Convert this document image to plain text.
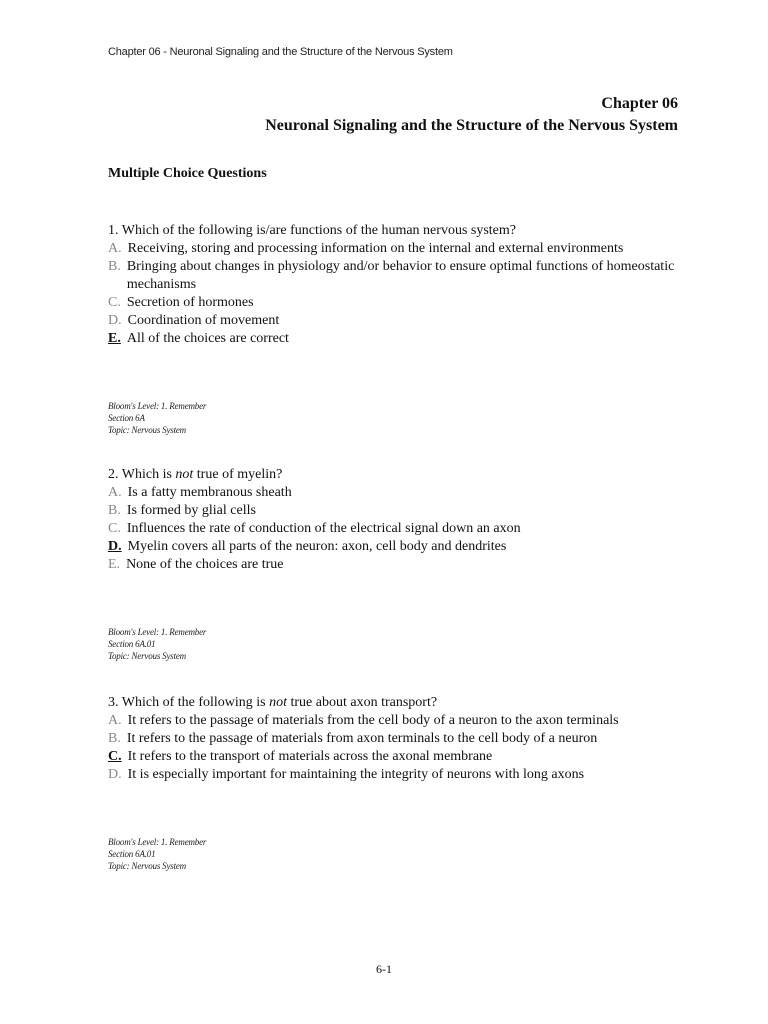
Chapter 06 - Neuronal Signaling and the Structure of the Nervous System
Chapter 06
Neuronal Signaling and the Structure of the Nervous System
Multiple Choice Questions

1. Which of the following is/are functions of the human nervous system?

A. Receiving, storing and processing information on the internal and external environments

B. Bringing about changes in physiology and/or behavior to ensure optimal functions of homeostatic mechanisms

C. Secretion of hormones

D. Coordination of movement

E. All of the choices are correct

Bloom's Level: 1. Remember
Section 6A
Topic: Nervous System

2. Which is not true of myelin?

A. Is a fatty membranous sheath

B. Is formed by glial cells

C. Influences the rate of conduction of the electrical signal down an axon

D. Myelin covers all parts of the neuron: axon, cell body and dendrites

E. None of the choices are true

Bloom's Level: 1. Remember
Section 6A.01
Topic: Nervous System

3. Which of the following is not true about axon transport?

A. It refers to the passage of materials from the cell body of a neuron to the axon terminals

B. It refers to the passage of materials from axon terminals to the cell body of a neuron

C. It refers to the transport of materials across the axonal membrane

D. It is especially important for maintaining the integrity of neurons with long axons

Bloom's Level: 1. Remember
Section 6A.01
Topic: Nervous System
6-1
